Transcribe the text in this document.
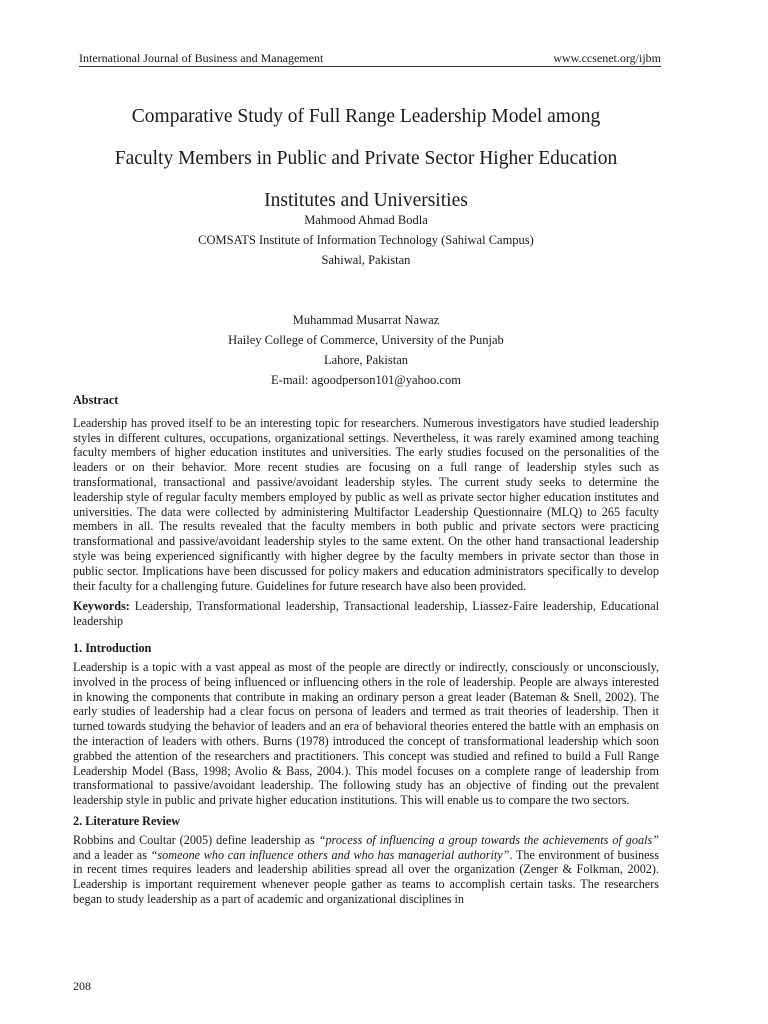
International Journal of Business and Management	www.ccsenet.org/ijbm
Comparative Study of Full Range Leadership Model among
Faculty Members in Public and Private Sector Higher Education
Institutes and Universities
Mahmood Ahmad Bodla
COMSATS Institute of Information Technology (Sahiwal Campus)
Sahiwal, Pakistan
Muhammad Musarrat Nawaz
Hailey College of Commerce, University of the Punjab
Lahore, Pakistan
E-mail: agoodperson101@yahoo.com

Abstract

Leadership has proved itself to be an interesting topic for researchers. Numerous investigators have studied leadership styles in different cultures, occupations, organizational settings. Nevertheless, it was rarely examined among teaching faculty members of higher education institutes and universities. The early studies focused on the personalities of the leaders or on their behavior. More recent studies are focusing on a full range of leadership styles such as transformational, transactional and passive/avoidant leadership styles. The current study seeks to determine the leadership style of regular faculty members employed by public as well as private sector higher education institutes and universities. The data were collected by administering Multifactor Leadership Questionnaire (MLQ) to 265 faculty members in all. The results revealed that the faculty members in both public and private sectors were practicing transformational and passive/avoidant leadership styles to the same extent. On the other hand transactional leadership style was being experienced significantly with higher degree by the faculty members in private sector than those in public sector. Implications have been discussed for policy makers and education administrators specifically to develop their faculty for a challenging future. Guidelines for future research have also been provided.

Keywords: Leadership, Transformational leadership, Transactional leadership, Liassez-Faire leadership, Educational leadership

1. Introduction

Leadership is a topic with a vast appeal as most of the people are directly or indirectly, consciously or unconsciously, involved in the process of being influenced or influencing others in the role of leadership. People are always interested in knowing the components that contribute in making an ordinary person a great leader (Bateman & Snell, 2002). The early studies of leadership had a clear focus on persona of leaders and termed as trait theories of leadership. Then it turned towards studying the behavior of leaders and an era of behavioral theories entered the battle with an emphasis on the interaction of leaders with others. Burns (1978) introduced the concept of transformational leadership which soon grabbed the attention of the researchers and practitioners. This concept was studied and refined to build a Full Range Leadership Model (Bass, 1998; Avolio & Bass, 2004.). This model focuses on a complete range of leadership from transformational to passive/avoidant leadership. The following study has an objective of finding out the prevalent leadership style in public and private higher education institutions. This will enable us to compare the two sectors.

2. Literature Review

Robbins and Coultar (2005) define leadership as “process of influencing a group towards the achievements of goals” and a leader as “someone who can influence others and who has managerial authority”. The environment of business in recent times requires leaders and leadership abilities spread all over the organization (Zenger & Folkman, 2002). Leadership is important requirement whenever people gather as teams to accomplish certain tasks. The researchers began to study leadership as a part of academic and organizational disciplines in

208
